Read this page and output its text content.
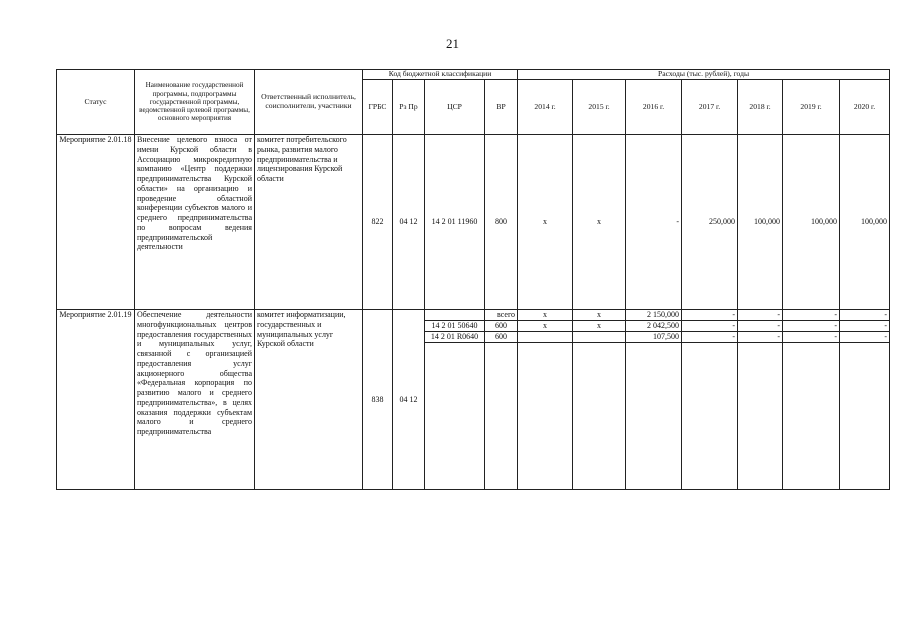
21
Статус	Наименование государственной программы, подпрограммы государственной программы, ведомственной целевой программы, основного мероприятия	Ответственный исполнитель, соисполнители, участники	Код бюджетной классификации				Расходы (тыс. рублей), годы						
			ГРБС	Рз Пр	ЦСР	ВР	2014 г.	2015 г.	2016 г.	2017 г.	2018 г.	2019 г.	2020 г.
Мероприятие 2.01.18	Внесение целевого взноса от имени Курской области в Ассоциацию микрокредитную компанию «Центр поддержки предпринимательства Курской области» на организацию и проведение областной конференции субъектов малого и среднего предпринимательства по вопросам ведения предпринимательской деятельности	комитет потребительского рынка, развития малого предпринимательства и лицензирования Курской области	822	04 12	14 2 01 11960	800	х	х	-	250,000	100,000	100,000	100,000
Мероприятие 2.01.19	Обеспечение деятельности многофункциональных центров предоставления государственных и муниципальных услуг, связанной с организацией предоставления услуг акционерного общества «Федеральная корпорация по развитию малого и среднего предпринимательства», в целях оказания поддержки субъектам малого и среднего предпринимательства	комитет информатизации, государственных и муниципальных услуг Курской области	838	04 12		всего	х	х	2 150,000	-	-	-	-
					14 2 01 50640	600	х	х	2 042,500	-	-	-	-
					14 2 01 R0640	600			107,500	-	-	-	-
